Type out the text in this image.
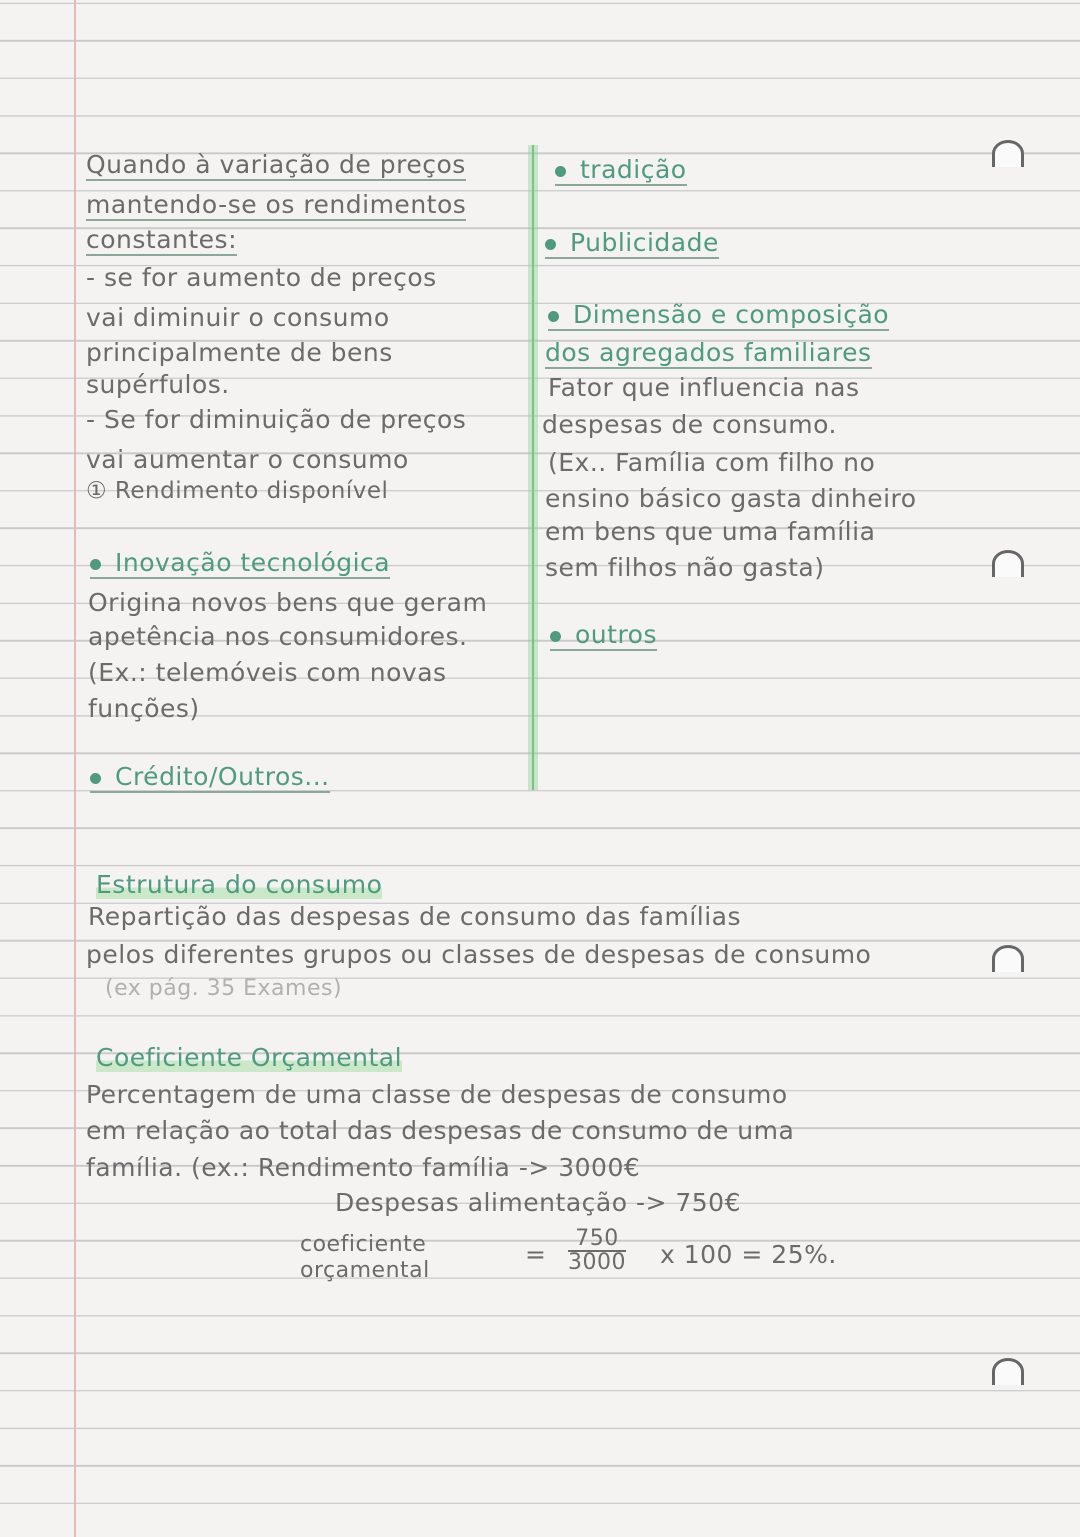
Quando à variação de preços
mantendo-se os rendimentos
constantes:
- se for aumento de preços
vai diminuir o consumo
principalmente de bens
supérfulos.
- Se for diminuição de preços
vai aumentar o consumo
① Rendimento disponível
Inovação tecnológica
Origina novos bens que geram
apetência nos consumidores.
(Ex.: telemóveis com novas
funções)
Crédito/Outros...
tradição
Publicidade
Dimensão e composição
dos agregados familiares
Fator que influencia nas
despesas de consumo.
(Ex.. Família com filho no
ensino básico gasta dinheiro
em bens que uma família
sem filhos não gasta)
outros
Estrutura do consumo
Repartição das despesas de consumo das famílias
pelos diferentes grupos ou classes de despesas de consumo
(ex pág. 35 Exames)
Coeficiente Orçamental
Percentagem de uma classe de despesas de consumo
em relação ao total das despesas de consumo de uma
família. (ex.: Rendimento família -> 3000€
Despesas alimentação -> 750€
coeficiente
orçamental
= $\frac{750}{3000}$ x 100 = 25%.
